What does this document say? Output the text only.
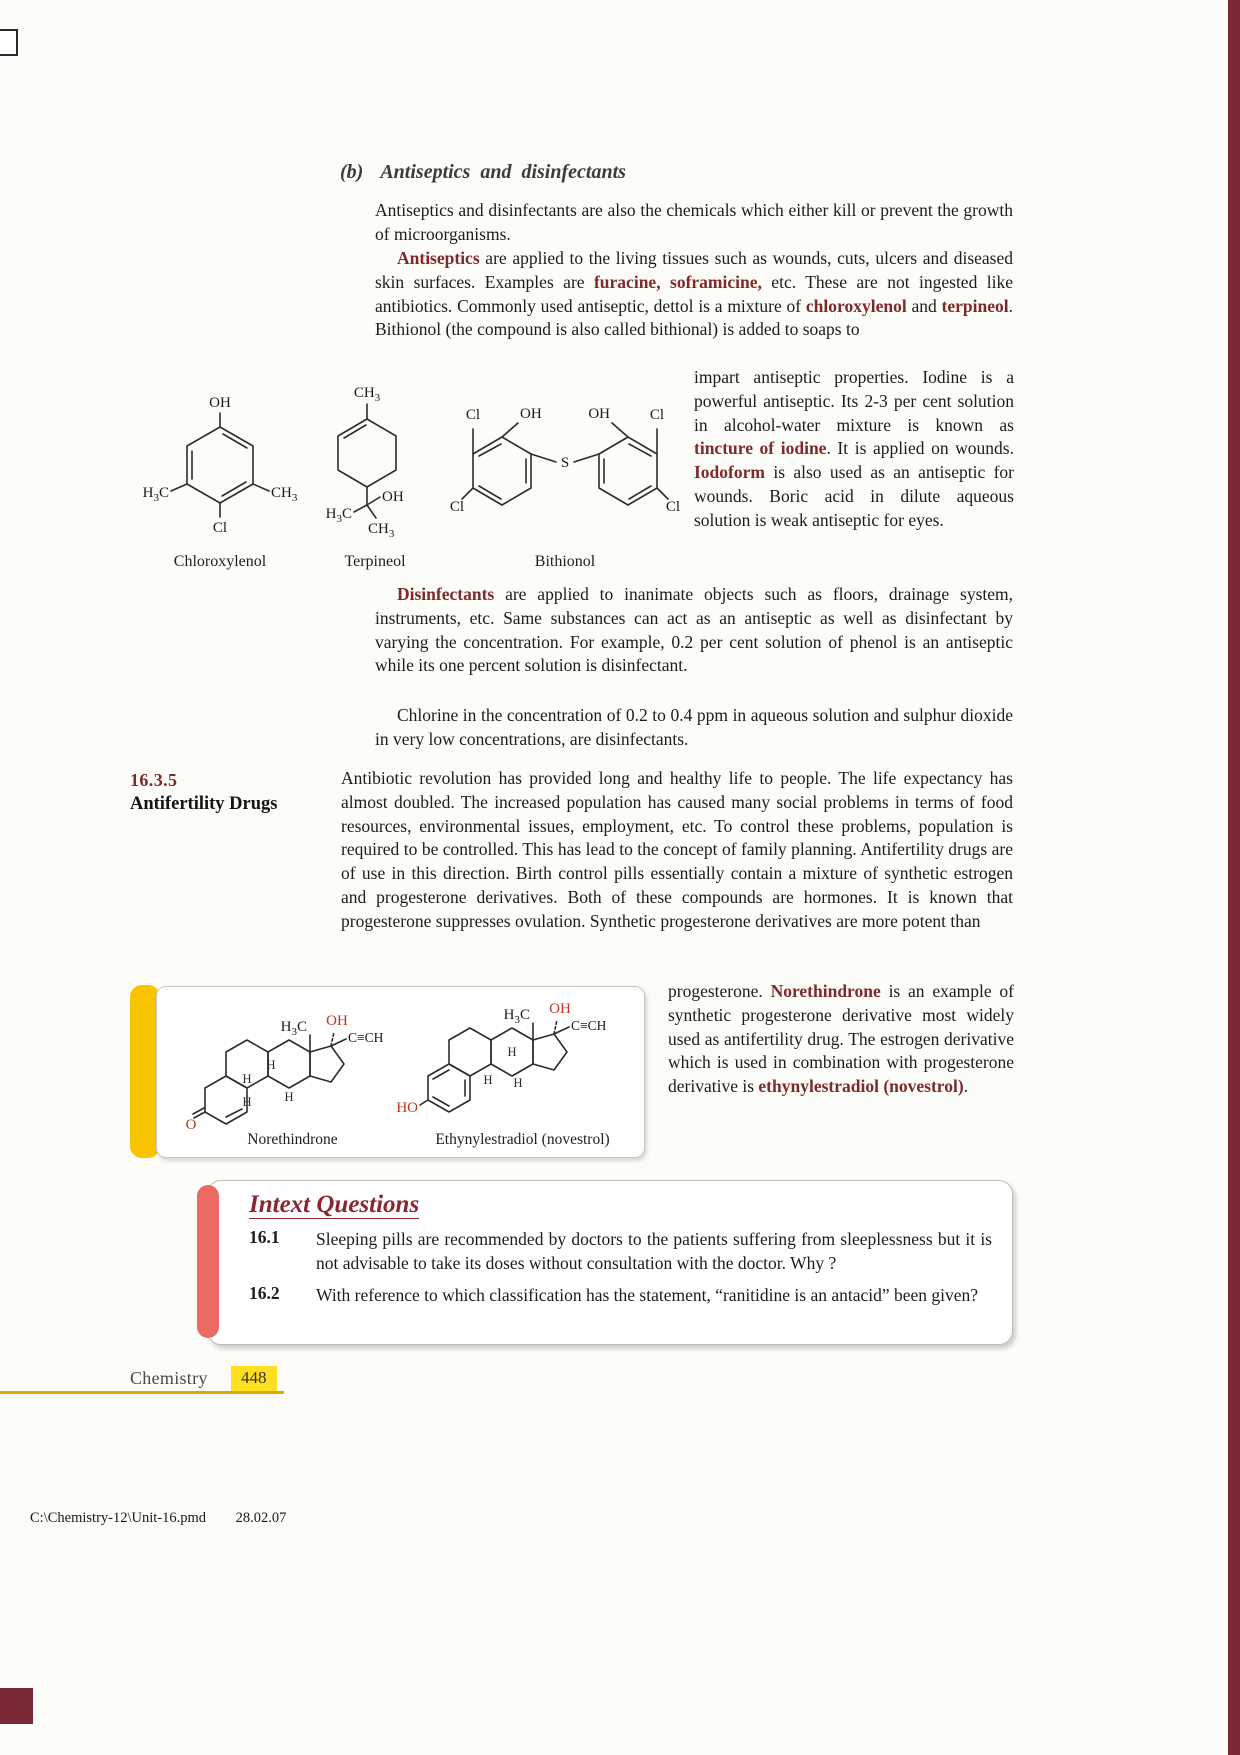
(b) Antiseptics and disinfectants
Antiseptics and disinfectants are also the chemicals which either kill or prevent the growth of microorganisms.
Antiseptics are applied to the living tissues such as wounds, cuts, ulcers and diseased skin surfaces. Examples are furacine, soframicine, etc. These are not ingested like antibiotics. Commonly used antiseptic, dettol is a mixture of chloroxylenol and terpineol. Bithionol (the compound is also called bithional) is added to soaps to
OH
$H_3C$	$CH_3$
Cl
Chloroxylenol
$CH_3$
OH
$H_3C$
$CH_3$
Terpineol
S
Cl	OH	OH	Cl
Cl	Cl
Bithionol
impart antiseptic properties. Iodine is a powerful antiseptic. Its 2-3 per cent solution in alcohol-water mixture is known as tincture of iodine. It is applied on wounds. Iodoform is also used as an antiseptic for wounds. Boric acid in dilute aqueous solution is weak antiseptic for eyes.
Disinfectants are applied to inanimate objects such as floors, drainage system, instruments, etc. Same substances can act as an antiseptic as well as disinfectant by varying the concentration. For example, 0.2 per cent solution of phenol is an antiseptic while its one percent solution is disinfectant.
Chlorine in the concentration of 0.2 to 0.4 ppm in aqueous solution and sulphur dioxide in very low concentrations, are disinfectants.
16.3.5
Antifertility Drugs
Antibiotic revolution has provided long and healthy life to people. The life expectancy has almost doubled. The increased population has caused many social problems in terms of food resources, environmental issues, employment, etc. To control these problems, population is required to be controlled. This has lead to the concept of family planning. Antifertility drugs are of use in this direction. Birth control pills essentially contain a mixture of synthetic estrogen and progesterone derivatives. Both of these compounds are hormones. It is known that progesterone suppresses ovulation. Synthetic progesterone derivatives are more potent than
O
$H_3C$ OH
C≡CH
H
H
H	H
Norethindrone
HO
$H_3C$ OH
C≡CH
H
H H
Ethynylestradiol (novestrol)
progesterone. Norethindrone is an example of synthetic progesterone derivative most widely used as antifertility drug. The estrogen derivative which is used in combination with progesterone derivative is ethynylestradiol (novestrol).
Intext Questions
16.1	Sleeping pills are recommended by doctors to the patients suffering from sleeplessness but it is not advisable to take its doses without consultation with the doctor. Why ?
16.2	With reference to which classification has the statement, “ranitidine is an antacid” been given?
Chemistry	448
C:\Chemistry-12\Unit-16.pmd 28.02.07
